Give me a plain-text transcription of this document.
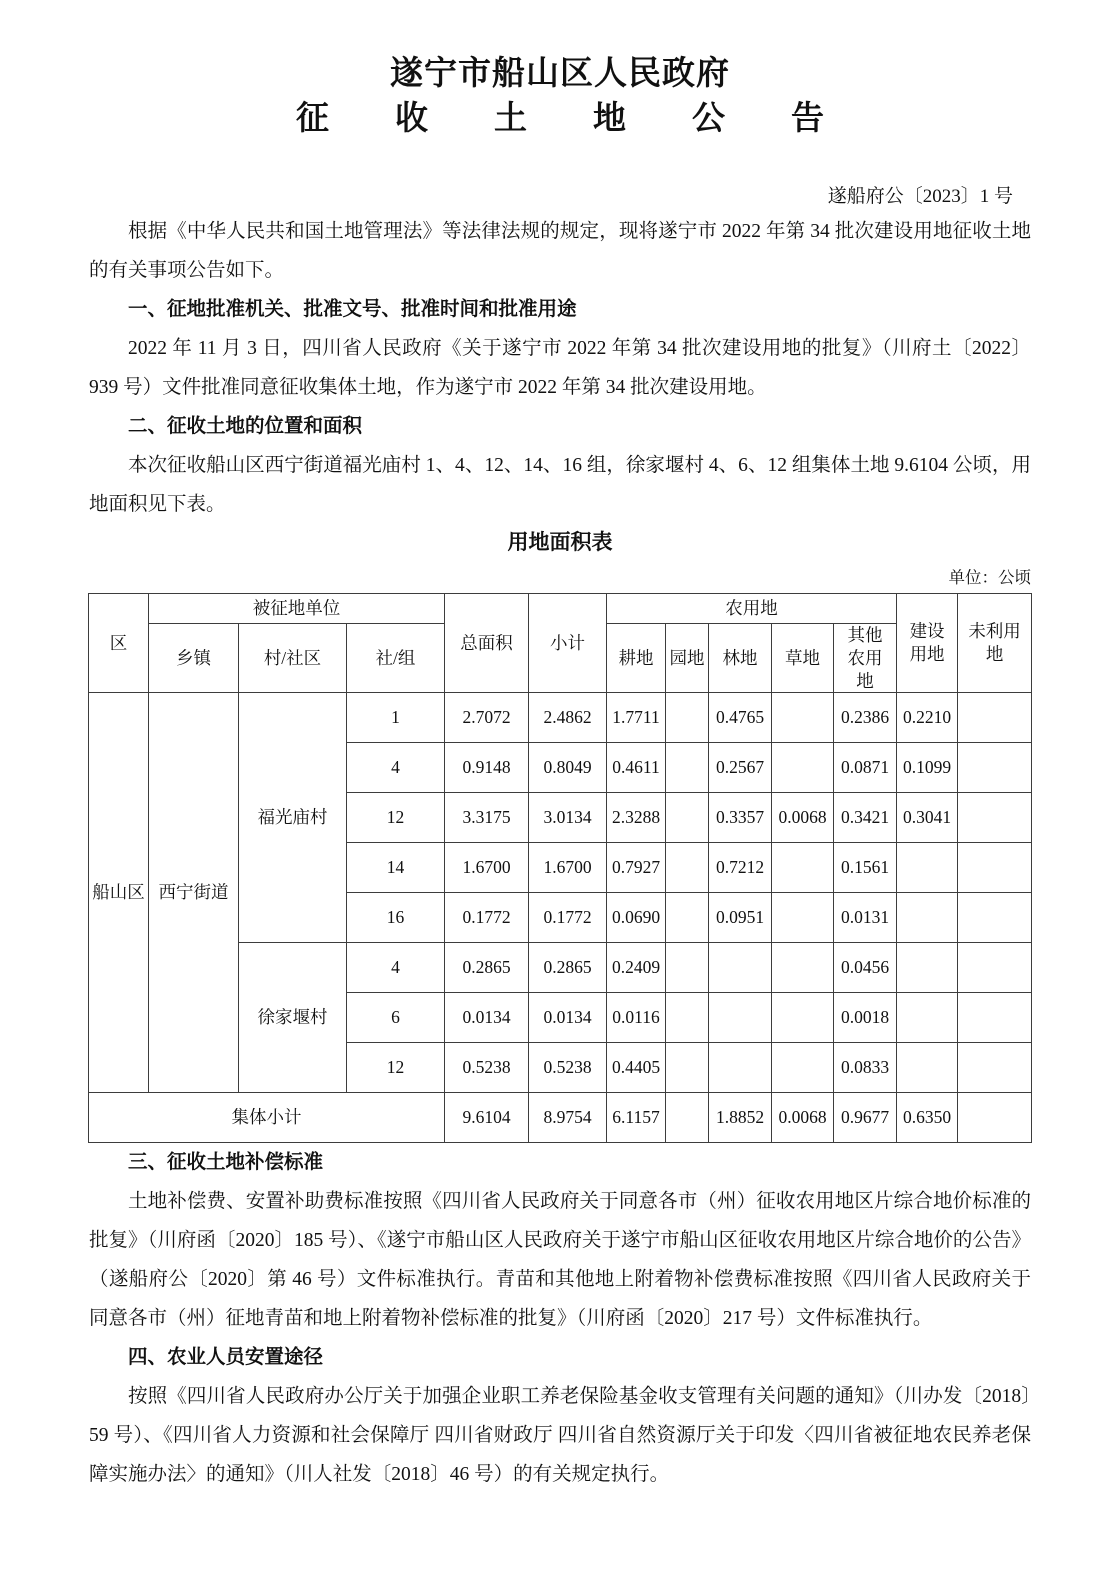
遂宁市船山区人民政府
征　　收　　土　　地　　公　　告
遂船府公〔2023〕1 号

根据《中华人民共和国土地管理法》等法律法规的规定，现将遂宁市 2022 年第 34 批次建设用地征收土地的有关事项公告如下。

一、征地批准机关、批准文号、批准时间和批准用途

2022 年 11 月 3 日，四川省人民政府《关于遂宁市 2022 年第 34 批次建设用地的批复》（川府土〔2022〕939 号）文件批准同意征收集体土地，作为遂宁市 2022 年第 34 批次建设用地。

二、征收土地的位置和面积

本次征收船山区西宁街道福光庙村 1、4、12、14、16 组，徐家堰村 4、6、12 组集体土地 9.6104 公顷，用地面积见下表。

用地面积表
单位：公顷
区	被征地单位			总面积	小计	农用地					建设用地	未利用地
	乡镇	村/社区	社/组			耕地	园地	林地	草地	其他农用地		
船山区	西宁街道	福光庙村	1	2.7072	2.4862	1.7711		0.4765		0.2386	0.2210	
			4	0.9148	0.8049	0.4611		0.2567		0.0871	0.1099	
			12	3.3175	3.0134	2.3288		0.3357	0.0068	0.3421	0.3041	
			14	1.6700	1.6700	0.7927		0.7212		0.1561		
			16	0.1772	0.1772	0.0690		0.0951		0.0131		
		徐家堰村	4	0.2865	0.2865	0.2409				0.0456		
			6	0.0134	0.0134	0.0116				0.0018		
			12	0.5238	0.5238	0.4405				0.0833		
集体小计				9.6104	8.9754	6.1157		1.8852	0.0068	0.9677	0.6350	

三、征收土地补偿标准

土地补偿费、安置补助费标准按照《四川省人民政府关于同意各市（州）征收农用地区片综合地价标准的批复》（川府函〔2020〕185 号）、《遂宁市船山区人民政府关于遂宁市船山区征收农用地区片综合地价的公告》（遂船府公〔2020〕第 46 号）文件标准执行。青苗和其他地上附着物补偿费标准按照《四川省人民政府关于同意各市（州）征地青苗和地上附着物补偿标准的批复》（川府函〔2020〕217 号）文件标准执行。

四、农业人员安置途径

按照《四川省人民政府办公厅关于加强企业职工养老保险基金收支管理有关问题的通知》（川办发〔2018〕59 号）、《四川省人力资源和社会保障厅 四川省财政厅 四川省自然资源厅关于印发〈四川省被征地农民养老保障实施办法〉的通知》（川人社发〔2018〕46 号）的有关规定执行。
